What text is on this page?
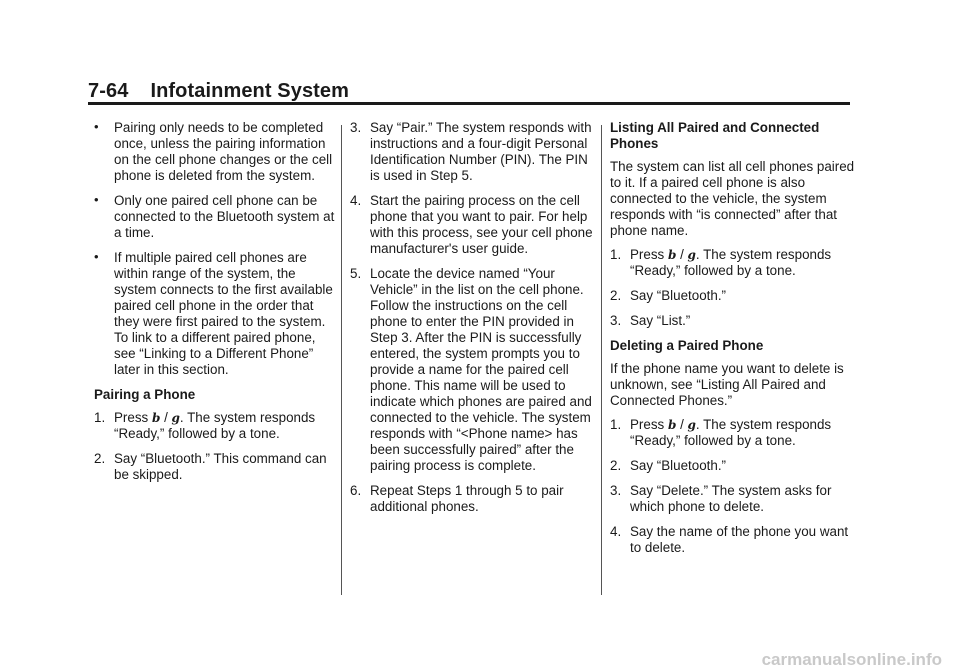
7-64 Infotainment System
• Pairing only needs to be completed once, unless the pairing information on the cell phone changes or the cell phone is deleted from the system.
• Only one paired cell phone can be connected to the Bluetooth system at a time.
• If multiple paired cell phones are within range of the system, the system connects to the first available paired cell phone in the order that they were first paired to the system. To link to a different paired phone, see “Linking to a Different Phone” later in this section.
Pairing a Phone
1. Press b / g. The system responds “Ready,” followed by a tone.
2. Say “Bluetooth.” This command can be skipped.
3. Say “Pair.” The system responds with instructions and a four-digit Personal Identification Number (PIN). The PIN is used in Step 5.
4. Start the pairing process on the cell phone that you want to pair. For help with this process, see your cell phone manufacturer's user guide.
5. Locate the device named “Your Vehicle” in the list on the cell phone. Follow the instructions on the cell phone to enter the PIN provided in Step 3. After the PIN is successfully entered, the system prompts you to provide a name for the paired cell phone. This name will be used to indicate which phones are paired and connected to the vehicle. The system responds with “<Phone name> has been successfully paired” after the pairing process is complete.
6. Repeat Steps 1 through 5 to pair additional phones.
Listing All Paired and Connected Phones

The system can list all cell phones paired to it. If a paired cell phone is also connected to the vehicle, the system responds with “is connected” after that phone name.

1. Press b / g. The system responds “Ready,” followed by a tone.
2. Say “Bluetooth.”
3. Say “List.”
Deleting a Paired Phone

If the phone name you want to delete is unknown, see “Listing All Paired and Connected Phones.”

1. Press b / g. The system responds “Ready,” followed by a tone.
2. Say “Bluetooth.”
3. Say “Delete.” The system asks for which phone to delete.
4. Say the name of the phone you want to delete.
carmanualsonline.info
